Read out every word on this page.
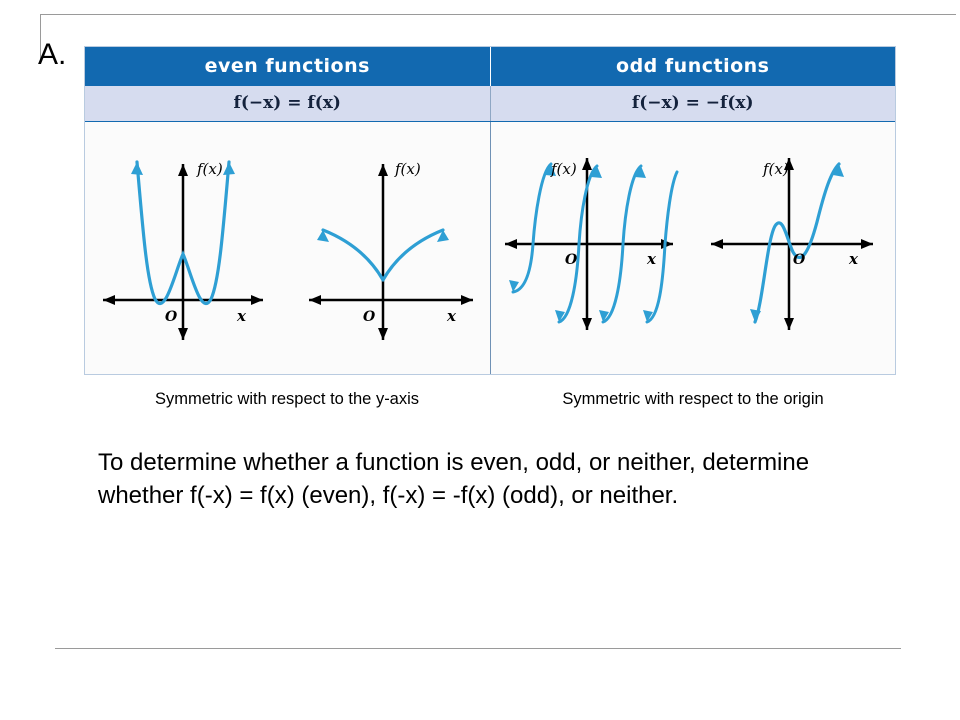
A.	even functions	odd functions
f(−x) = f(x)	f(−x) = −f(x)
f(x)
O	x
f(x)
O	x
f(x)
O	x
f(x)
O	x
Symmetric with respect to the y-axis	Symmetric with respect to the origin
To determine whether a function is even, odd, or neither, determine whether f(-x) = f(x) (even), f(-x) = -f(x) (odd), or neither.
